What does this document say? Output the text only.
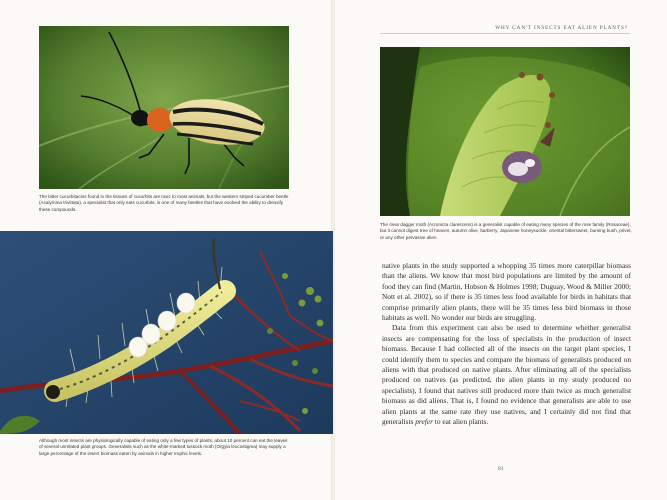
The bitter cucurbitacins found in the tissues of cucurbits are toxic to most animals, but the western striped cucumber beetle (Acalymma trivittata), a specialist that only eats cucurbits, is one of many beetles that have evolved the ability to detoxify these compounds.
Although most insects are physiologically capable of eating only a few types of plants, about 10 percent can eat the leaves of several unrelated plant groups. Generalists such as the white-marked tussock moth (Orgyia leucostigma) may supply a large percentage of the insect biomass eaten by animals in higher trophic levels.
WHY CAN'T INSECTS EAT ALIEN PLANTS?
The clear dagger moth (Acronicta clarescens) is a generalist capable of eating many species of the rose family (Rosaceae), but it cannot digest tree of heaven, autumn olive, barberry, Japanese honeysuckle, oriental bittersweet, burning bush, privet, or any other pervasive alien.

native plants in the study supported a whopping 35 times more caterpillar biomass than the aliens. We know that most bird populations are limited by the amount of food they can find (Martin, Hobson & Holmes 1998; Duguay, Wood & Miller 2000; Nott et al. 2002), so if there is 35 times less food available for birds in habitats that comprise primarily alien plants, there will be 35 times less bird biomass in those habitats as well. No wonder our birds are struggling.

Data from this experiment can also be used to determine whether generalist insects are compensating for the loss of specialists in the production of insect biomass. Because I had collected all of the insects on the target plant species, I could identify them to species and compare the biomass of generalists produced on aliens with that produced on native plants. After eliminating all of the specialists produced on natives (as predicted, the alien plants in my study produced no specialists), I found that natives still produced more than twice as much generalist biomass as did aliens. That is, I found no evidence that generalists are able to use alien plants at the same rate they use natives, and I certainly did not find that generalists prefer to eat alien plants.

81
